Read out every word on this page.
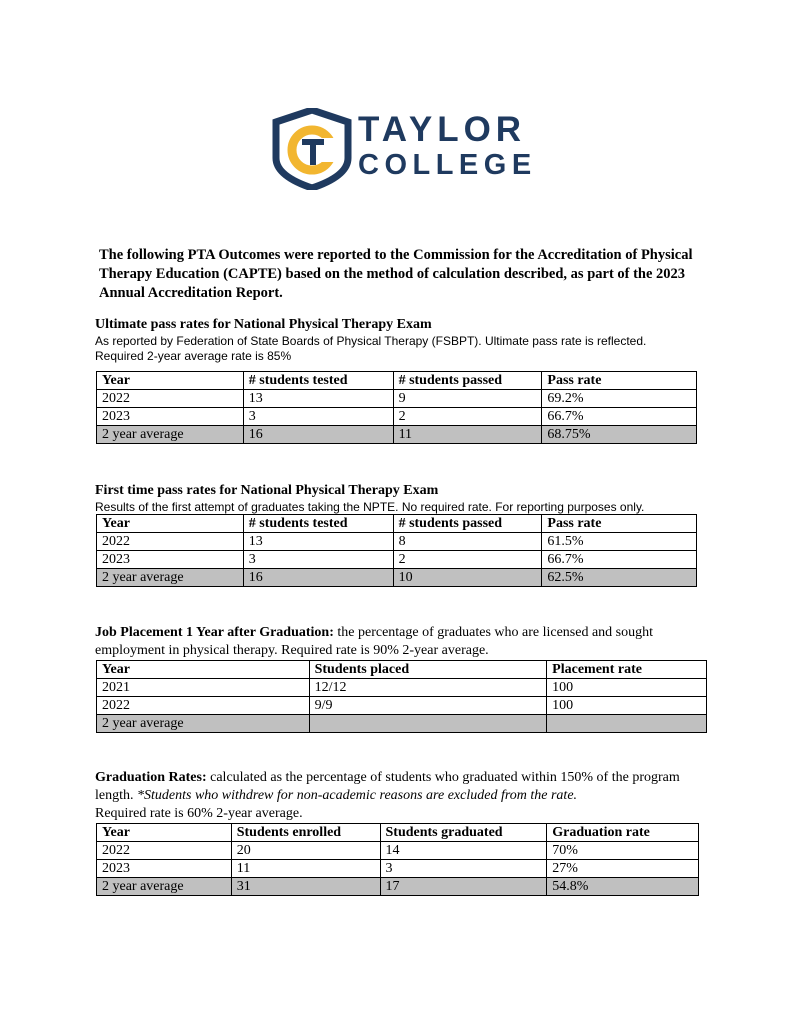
TAYLOR
COLLEGE
The following PTA Outcomes were reported to the Commission for the Accreditation of Physical Therapy Education (CAPTE) based on the method of calculation described, as part of the 2023 Annual Accreditation Report.
Ultimate pass rates for National Physical Therapy Exam
As reported by Federation of State Boards of Physical Therapy (FSBPT). Ultimate pass rate is reflected.
Required 2-year average rate is 85%
Year	# students tested	# students passed	Pass rate
2022	13	9	69.2%
2023	3	2	66.7%
2 year average	16	11	68.75%
First time pass rates for National Physical Therapy Exam
Results of the first attempt of graduates taking the NPTE. No required rate. For reporting purposes only.
Year	# students tested	# students passed	Pass rate
2022	13	8	61.5%
2023	3	2	66.7%
2 year average	16	10	62.5%
Job Placement 1 Year after Graduation: the percentage of graduates who are licensed and sought employment in physical therapy. Required rate is 90% 2-year average.
Year	Students placed	Placement rate
2021	12/12	100
2022	9/9	100
2 year average		
Graduation Rates: calculated as the percentage of students who graduated within 150% of the program length. *Students who withdrew for non-academic reasons are excluded from the rate.
Required rate is 60% 2-year average.
Year	Students enrolled	Students graduated	Graduation rate
2022	20	14	70%
2023	11	3	27%
2 year average	31	17	54.8%
